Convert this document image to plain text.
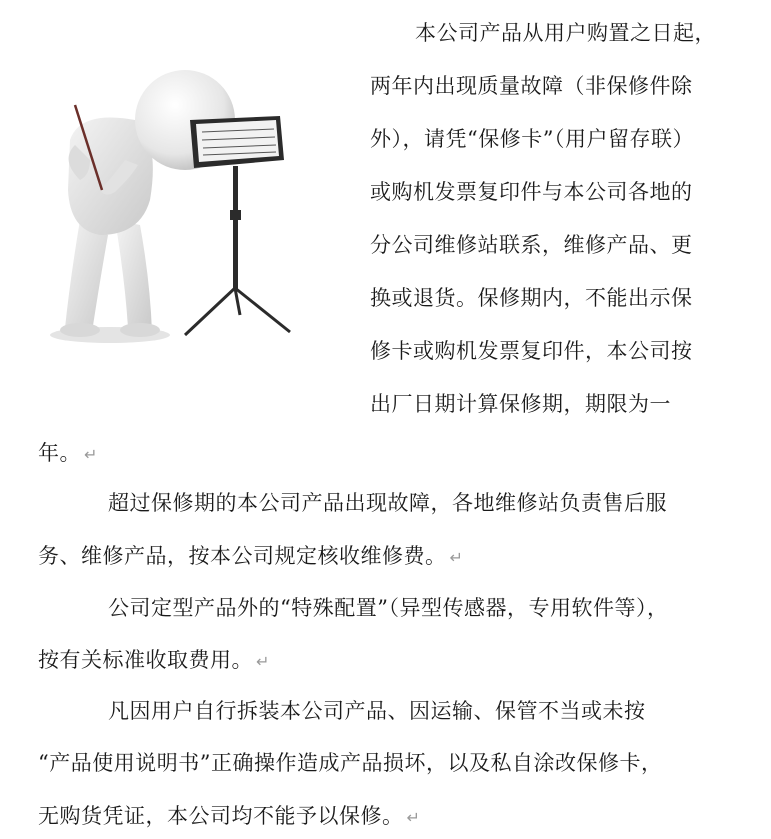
本公司产品从用户购置之日起，
两年内出现质量故障（非保修件除
外），请凭“保修卡”（用户留存联）
或购机发票复印件与本公司各地的
分公司维修站联系，维修产品、更
换或退货。保修期内，不能出示保
修卡或购机发票复印件，本公司按
出厂日期计算保修期，期限为一
年。 ↵
超过保修期的本公司产品出现故障，各地维修站负责售后服
务、维修产品，按本公司规定核收维修费。 ↵
公司定型产品外的“特殊配置”（异型传感器，专用软件等），
按有关标准收取费用。 ↵
凡因用户自行拆装本公司产品、因运输、保管不当或未按
“产品使用说明书”正确操作造成产品损坏，以及私自涂改保修卡，
无购货凭证，本公司均不能予以保修。 ↵
